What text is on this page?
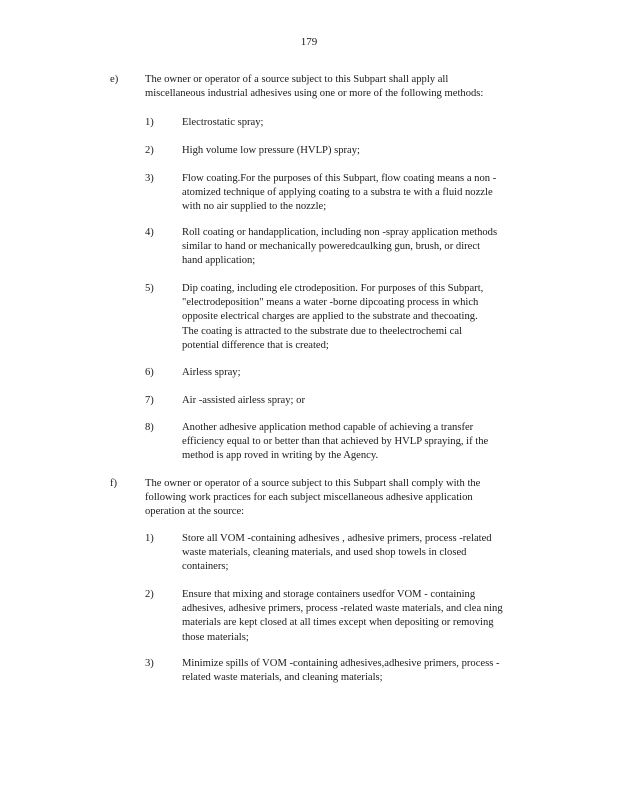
179
e)	The owner or operator of a source subject to this Subpart shall apply all
miscellaneous industrial adhesives using one or more of the following methods:
1)	Electrostatic spray;
2)	High volume low pressure (HVLP) spray;
3)	Flow coating.For the purposes of this Subpart, flow coating means a non -
atomized technique of applying coating to a substra te with a fluid nozzle
with no air supplied to the nozzle;
4)	Roll coating or handapplication, including non -spray application methods
similar to hand or mechanically poweredcaulking gun, brush, or direct
hand application;
5)	Dip coating, including ele ctrodeposition. For purposes of this Subpart,
"electrodeposition" means a water -borne dipcoating process in which
opposite electrical charges are applied to the substrate and thecoating.
The coating is attracted to the substrate due to theelectrochemi cal
potential difference that is created;
6)	Airless spray;
7)	Air -assisted airless spray; or
8)	Another adhesive application method capable of achieving a transfer
efficiency equal to or better than that achieved by HVLP spraying, if the
method is app roved in writing by the Agency.
f)	The owner or operator of a source subject to this Subpart shall comply with the
following work practices for each subject miscellaneous adhesive application
operation at the source:
1)	Store all VOM -containing adhesives , adhesive primers, process -related
waste materials, cleaning materials, and used shop towels in closed
containers;
2)	Ensure that mixing and storage containers usedfor VOM - containing
adhesives, adhesive primers, process -related waste materials, and clea ning
materials are kept closed at all times except when depositing or removing
those materials;
3)	Minimize spills of VOM -containing adhesives,adhesive primers, process -
related waste materials, and cleaning materials;
